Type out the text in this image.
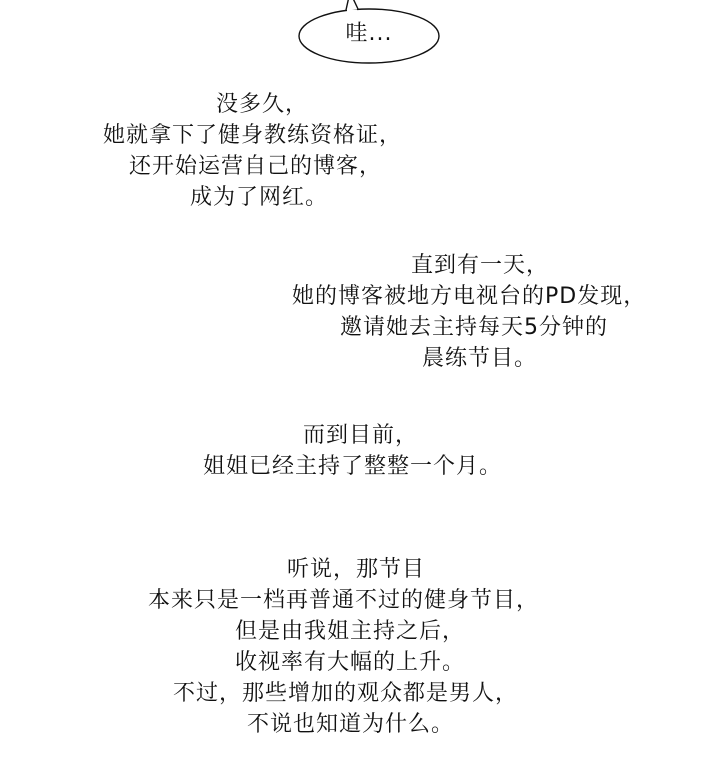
哇...
没多久，
她就拿下了健身教练资格证，
还开始运营自己的博客，
成为了网红。
直到有一天，
她的博客被地方电视台的PD发现，
邀请她去主持每天5分钟的
晨练节目。
而到目前，
姐姐已经主持了整整一个月。
听说，那节目
本来只是一档再普通不过的健身节目，
但是由我姐主持之后，
收视率有大幅的上升。
不过，那些增加的观众都是男人，
不说也知道为什么。
